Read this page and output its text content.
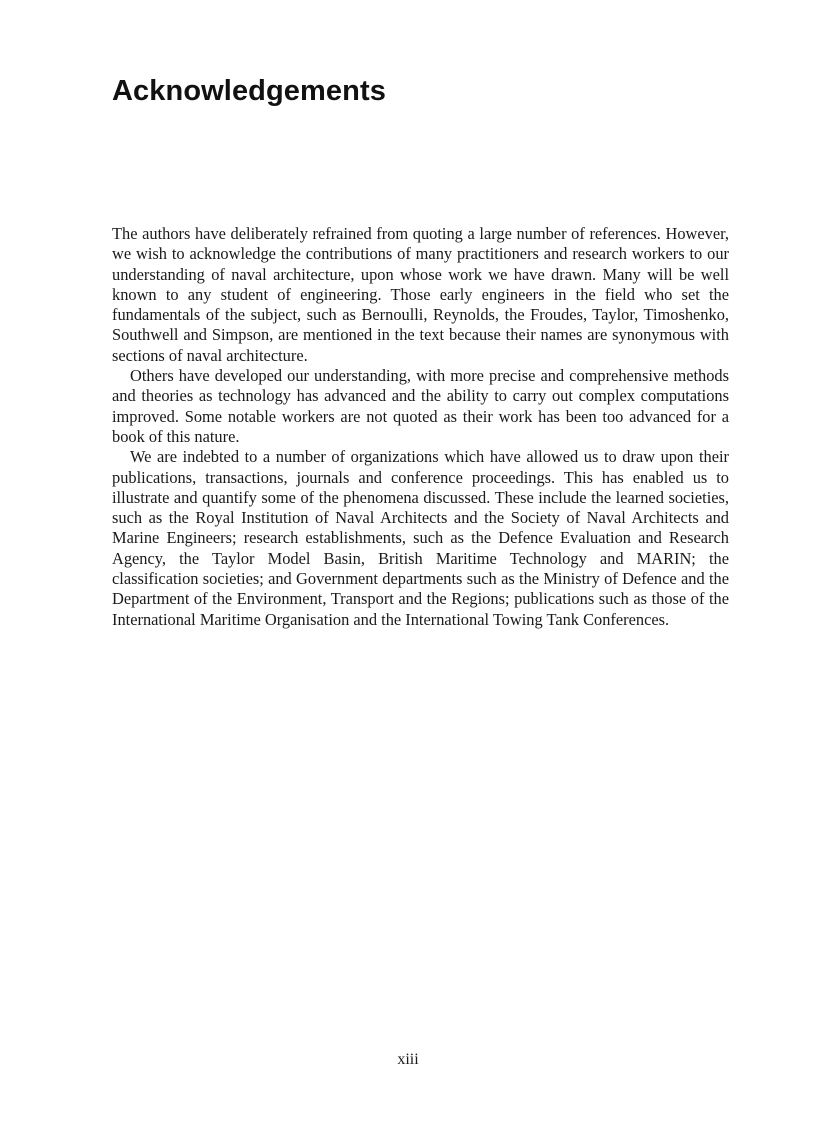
Acknowledgements

The authors have deliberately refrained from quoting a large number of references. However, we wish to acknowledge the contributions of many practitioners and research workers to our understanding of naval architecture, upon whose work we have drawn. Many will be well known to any student of engineering. Those early engineers in the field who set the fundamentals of the subject, such as Bernoulli, Reynolds, the Froudes, Taylor, Timoshenko, Southwell and Simpson, are mentioned in the text because their names are synonymous with sections of naval architecture.

Others have developed our understanding, with more precise and comprehensive methods and theories as technology has advanced and the ability to carry out complex computations improved. Some notable workers are not quoted as their work has been too advanced for a book of this nature.

We are indebted to a number of organizations which have allowed us to draw upon their publications, transactions, journals and conference proceedings. This has enabled us to illustrate and quantify some of the phenomena discussed. These include the learned societies, such as the Royal Institution of Naval Architects and the Society of Naval Architects and Marine Engineers; research establishments, such as the Defence Evaluation and Research Agency, the Taylor Model Basin, British Maritime Technology and MARIN; the classification societies; and Government departments such as the Ministry of Defence and the Department of the Environment, Transport and the Regions; publications such as those of the International Maritime Organisation and the International Towing Tank Conferences.

xiii
